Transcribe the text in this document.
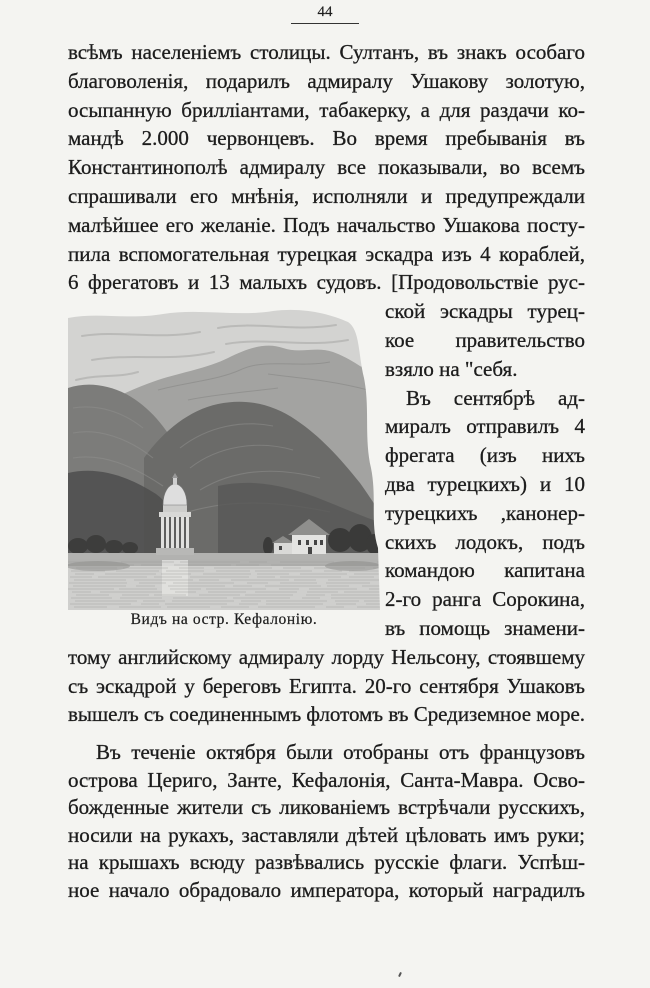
44
всѣмъ населеніемъ столицы. Султанъ, въ знакъ особаго
благоволенія, подарилъ адмиралу Ушакову золотую,
осыпанную бриллiантами, табакерку, а для раздачи ко-
мандѣ 2.000 червонцевъ. Во время пребыванія въ
Константинополѣ адмиралу все показывали, во всемъ
спрашивали его мнѣнія, исполняли и предупреждали
малѣйшее его желаніе. Подъ начальство Ушакова посту-
пила вспомогательная турецкая эскадра изъ 4 кораблей,
6 фрегатовъ и 13 малыхъ судовъ. [Продовольствіе рус-
ской эскадры турец-
кое правительство
взяло на "себя.
Въ сентябрѣ ад-
миралъ отправилъ 4
фрегата (изъ нихъ
два турецкихъ) и 10
турецкихъ ,канонер-
скихъ лодокъ, подъ
командою капитана
2-го ранга Сорокина,
въ помощь знамени-
тому английскому адмиралу лорду Нельсону, стоявшему
съ эскадрой у береговъ Египта. 20-го сентября Ушаковъ
вышелъ съ соединеннымъ флотомъ въ Средиземное море.
Въ теченіе октября были отобраны отъ французовъ
острова Цериго, Занте, Кефалонія, Санта-Мавра. Осво-
божденные жители съ ликованіемъ встрѣчали русскихъ,
носили на рукахъ, заставляли дѣтей цѣловать имъ руки;
на крышахъ всюду развѣвались русскіе флаги. Успѣш-
ное начало обрадовало императора, который наградилъ
Видъ на остр. Кефалонію.
